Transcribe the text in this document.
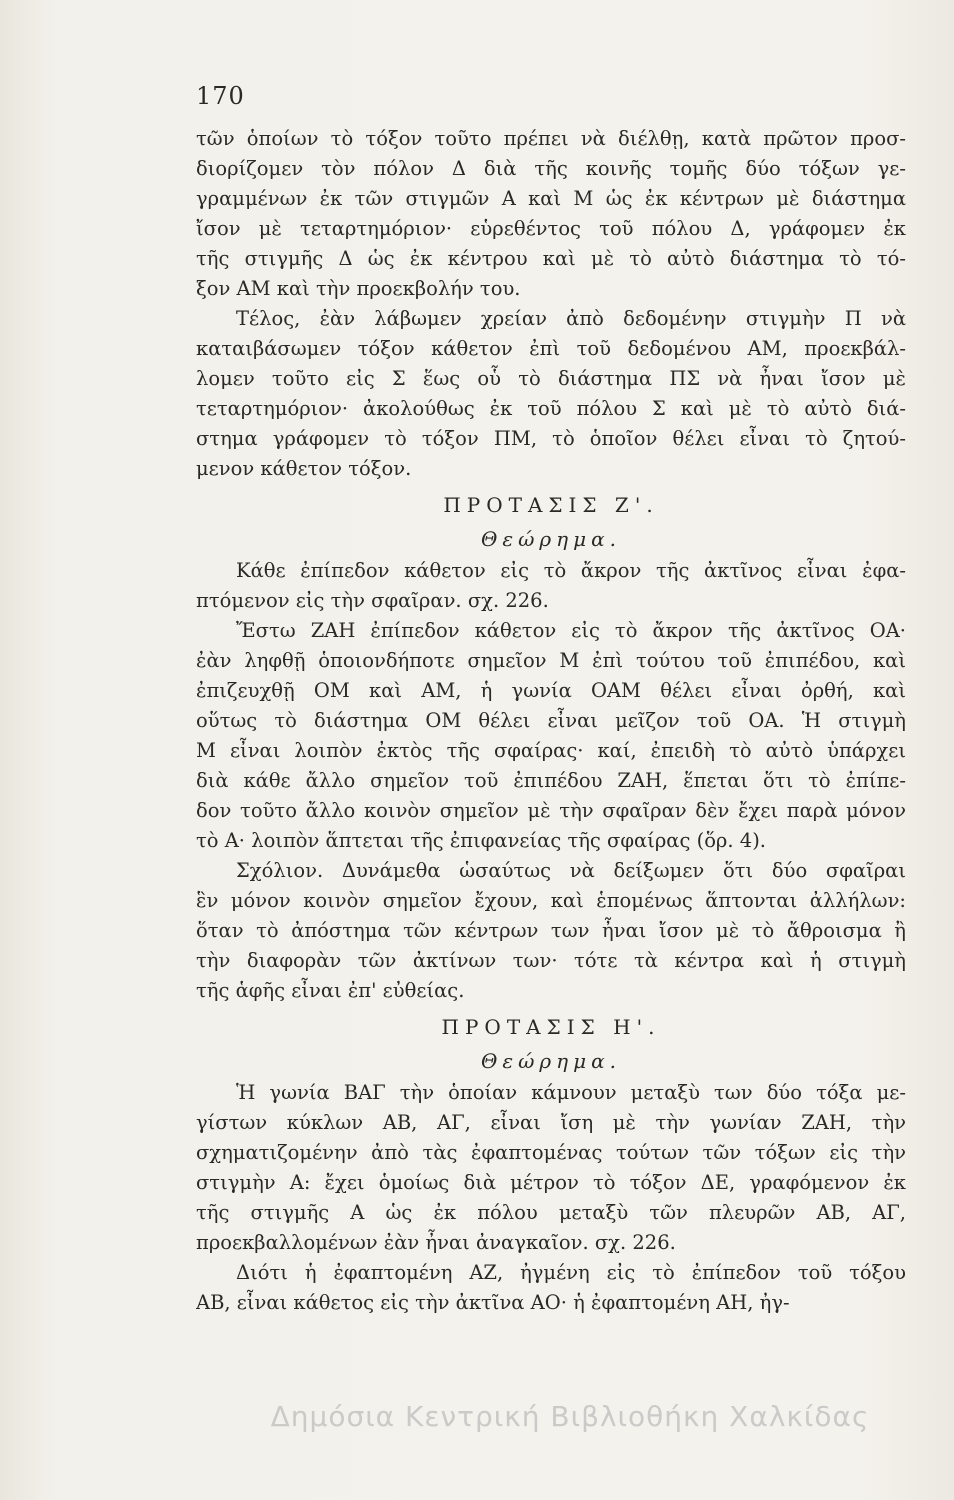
170
τῶν ὁποίων τὸ τόξον τοῦτο πρέπει νὰ διέλθῃ, κατὰ πρῶτον προσ-
διορίζομεν τὸν πόλον Δ διὰ τῆς κοινῆς τομῆς δύο τόξων γε-
γραμμένων ἐκ τῶν στιγμῶν Α καὶ Μ ὡς ἐκ κέντρων μὲ διάστημα
ἴσον μὲ τεταρτημόριον· εὑρεθέντος τοῦ πόλου Δ, γράφομεν ἐκ
τῆς στιγμῆς Δ ὡς ἐκ κέντρου καὶ μὲ τὸ αὐτὸ διάστημα τὸ τό-
ξον ΑΜ καὶ τὴν προεκβολήν του.
Τέλος, ἐὰν λάβωμεν χρείαν ἀπὸ δεδομένην στιγμὴν Π νὰ
καταιβάσωμεν τόξον κάθετον ἐπὶ τοῦ δεδομένου ΑΜ, προεκβάλ-
λομεν τοῦτο εἰς Σ ἕως οὗ τὸ διάστημα ΠΣ νὰ ἦναι ἴσον μὲ
τεταρτημόριον· ἀκολούθως ἐκ τοῦ πόλου Σ καὶ μὲ τὸ αὐτὸ διά-
στημα γράφομεν τὸ τόξον ΠΜ, τὸ ὁποῖον θέλει εἶναι τὸ ζητού-
μενον κάθετον τόξον.
ΠΡΟΤΑΣΙΣ Ζ'.
Θεώρημα.
Κάθε ἐπίπεδον κάθετον εἰς τὸ ἄκρον τῆς ἀκτῖνος εἶναι ἐφα-
πτόμενον εἰς τὴν σφαῖραν. σχ. 226.
Ἔστω ΖΑΗ ἐπίπεδον κάθετον εἰς τὸ ἄκρον τῆς ἀκτῖνος ΟΑ·
ἐὰν ληφθῇ ὁποιονδήποτε σημεῖον Μ ἐπὶ τούτου τοῦ ἐπιπέδου, καὶ
ἐπιζευχθῇ ΟΜ καὶ ΑΜ, ἡ γωνία ΟΑΜ θέλει εἶναι ὀρθή, καὶ
οὕτως τὸ διάστημα ΟΜ θέλει εἶναι μεῖζον τοῦ ΟΑ. Ἡ στιγμὴ
Μ εἶναι λοιπὸν ἐκτὸς τῆς σφαίρας· καί, ἐπειδὴ τὸ αὐτὸ ὑπάρχει
διὰ κάθε ἄλλο σημεῖον τοῦ ἐπιπέδου ΖΑΗ, ἕπεται ὅτι τὸ ἐπίπε-
δον τοῦτο ἄλλο κοινὸν σημεῖον μὲ τὴν σφαῖραν δὲν ἔχει παρὰ μόνον
τὸ Α· λοιπὸν ἅπτεται τῆς ἐπιφανείας τῆς σφαίρας (ὅρ. 4).
Σχόλιον. Δυνάμεθα ὡσαύτως νὰ δείξωμεν ὅτι δύο σφαῖραι
ἓν μόνον κοινὸν σημεῖον ἔχουν, καὶ ἑπομένως ἅπτονται ἀλλήλων:
ὅταν τὸ ἀπόστημα τῶν κέντρων των ἦναι ἴσον μὲ τὸ ἄθροισμα ἢ
τὴν διαφορὰν τῶν ἀκτίνων των· τότε τὰ κέντρα καὶ ἡ στιγμὴ
τῆς ἁφῆς εἶναι ἐπ' εὐθείας.
ΠΡΟΤΑΣΙΣ Η'.
Θεώρημα.
Ἡ γωνία ΒΑΓ τὴν ὁποίαν κάμνουν μεταξὺ των δύο τόξα με-
γίστων κύκλων ΑΒ, ΑΓ, εἶναι ἴση μὲ τὴν γωνίαν ΖΑΗ, τὴν
σχηματιζομένην ἀπὸ τὰς ἐφαπτομένας τούτων τῶν τόξων εἰς τὴν
στιγμὴν Α: ἔχει ὁμοίως διὰ μέτρον τὸ τόξον ΔΕ, γραφόμενον ἐκ
τῆς στιγμῆς Α ὡς ἐκ πόλου μεταξὺ τῶν πλευρῶν ΑΒ, ΑΓ,
προεκβαλλομένων ἐὰν ἦναι ἀναγκαῖον. σχ. 226.
Διότι ἡ ἐφαπτομένη ΑΖ, ἠγμένη εἰς τὸ ἐπίπεδον τοῦ τόξου
ΑΒ, εἶναι κάθετος εἰς τὴν ἀκτῖνα ΑΟ· ἡ ἐφαπτομένη ΑΗ, ἠγ-
Δημόσια Κεντρική Βιβλιοθήκη Χαλκίδας
